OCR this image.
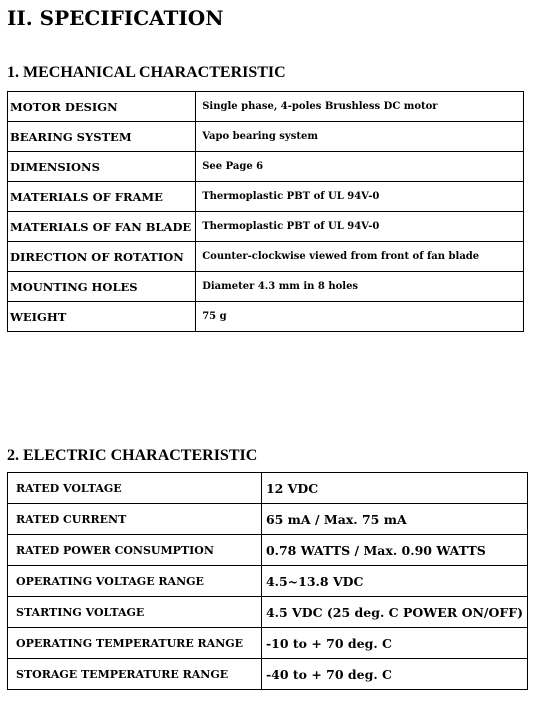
II. SPECIFICATION
1. MECHANICAL CHARACTERISTIC
MOTOR DESIGN	Single phase, 4-poles Brushless DC motor
BEARING SYSTEM	Vapo bearing system
DIMENSIONS	See Page 6
MATERIALS OF FRAME	Thermoplastic PBT of UL 94V-0
MATERIALS OF FAN BLADE	Thermoplastic PBT of UL 94V-0
DIRECTION OF ROTATION	Counter-clockwise viewed from front of fan blade
MOUNTING HOLES	Diameter 4.3 mm in 8 holes
WEIGHT	75 g
2. ELECTRIC CHARACTERISTIC
RATED VOLTAGE	12 VDC
RATED CURRENT	65 mA / Max. 75 mA
RATED POWER CONSUMPTION	0.78 WATTS / Max. 0.90 WATTS
OPERATING VOLTAGE RANGE	4.5~13.8 VDC
STARTING VOLTAGE	4.5 VDC (25 deg. C POWER ON/OFF)
OPERATING TEMPERATURE RANGE	-10 to + 70 deg. C
STORAGE TEMPERATURE RANGE	-40 to + 70 deg. C
